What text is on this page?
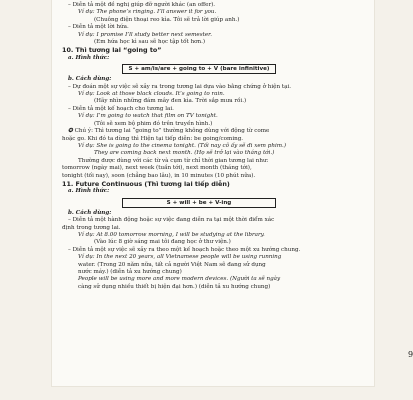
– Diễn tả một đề nghị giúp đỡ người khác (an offer).
Ví dụ: The phone’s ringing. I’ll answer it for you.
(Chuông điện thoại reo kìa. Tôi sẽ trả lời giúp anh.)
– Diễn tả một lời hứa.
Ví dụ: I promise I’ll study better next semester.
(Em hứa học kì sau sẽ học tập tốt hơn.)
10. Thì tương lai “going to”
a. Hình thức:
S + am/is/are + going to + V (bare infinitive)
b. Cách dùng:
– Dự đoán một sự việc sẽ xảy ra trong tương lai dựa vào bằng chứng ở hiện tại.
Ví dụ: Look at those black clouds. It’s going to rain.
(Hãy nhìn những đám mây đen kìa. Trời sắp mưa rồi.)
– Diễn tả một kế hoạch cho tương lai.
Ví dụ: I’m going to watch that film on TV tonight.
(Tôi sẽ xem bộ phim đó trên truyền hình.)
✪ Chú ý: Thì tương lai “going to” thường không dùng với động từ come
hoặc go. Khi đó ta dùng thì Hiện tại tiếp diễn: be going/coming.
Ví dụ: She is going to the cinema tonight. (Tối nay cô ấy sẽ đi xem phim.)
They are coming back next month. (Họ sẽ trở lại vào tháng tới.)
Thường được dùng với các từ và cụm từ chỉ thời gian tương lai như:
tomorrow (ngày mai), next week (tuần tới), next month (tháng tới),
tonight (tối nay), soon (chẳng bao lâu), in 10 minutes (10 phút nữa).
11. Future Continuous (Thì tương lai tiếp diễn)
a. Hình thức:
S + will + be + V-ing
b. Cách dùng:
– Diễn tả một hành động hoặc sự việc đang diễn ra tại một thời điểm xác
định trong tương lai.
Ví dụ: At 8.00 tomorrow morning, I will be studying at the library.
(Vào lúc 8 giờ sáng mai tôi đang học ở thư viện.)
– Diễn tả một sự việc sẽ xảy ra theo một kế hoạch hoặc theo một xu hướng chung.
Ví dụ: In the next 20 years, all Vietnamese people will be using running
water. (Trong 20 năm nữa, tất cả người Việt Nam sẽ đang sử dụng
nước máy.) (diễn tả xu hướng chung)
People will be using more and more modern devices. (Người ta sẽ ngày
càng sử dụng nhiều thiết bị hiện đại hơn.) (diễn tả xu hướng chung)
9
